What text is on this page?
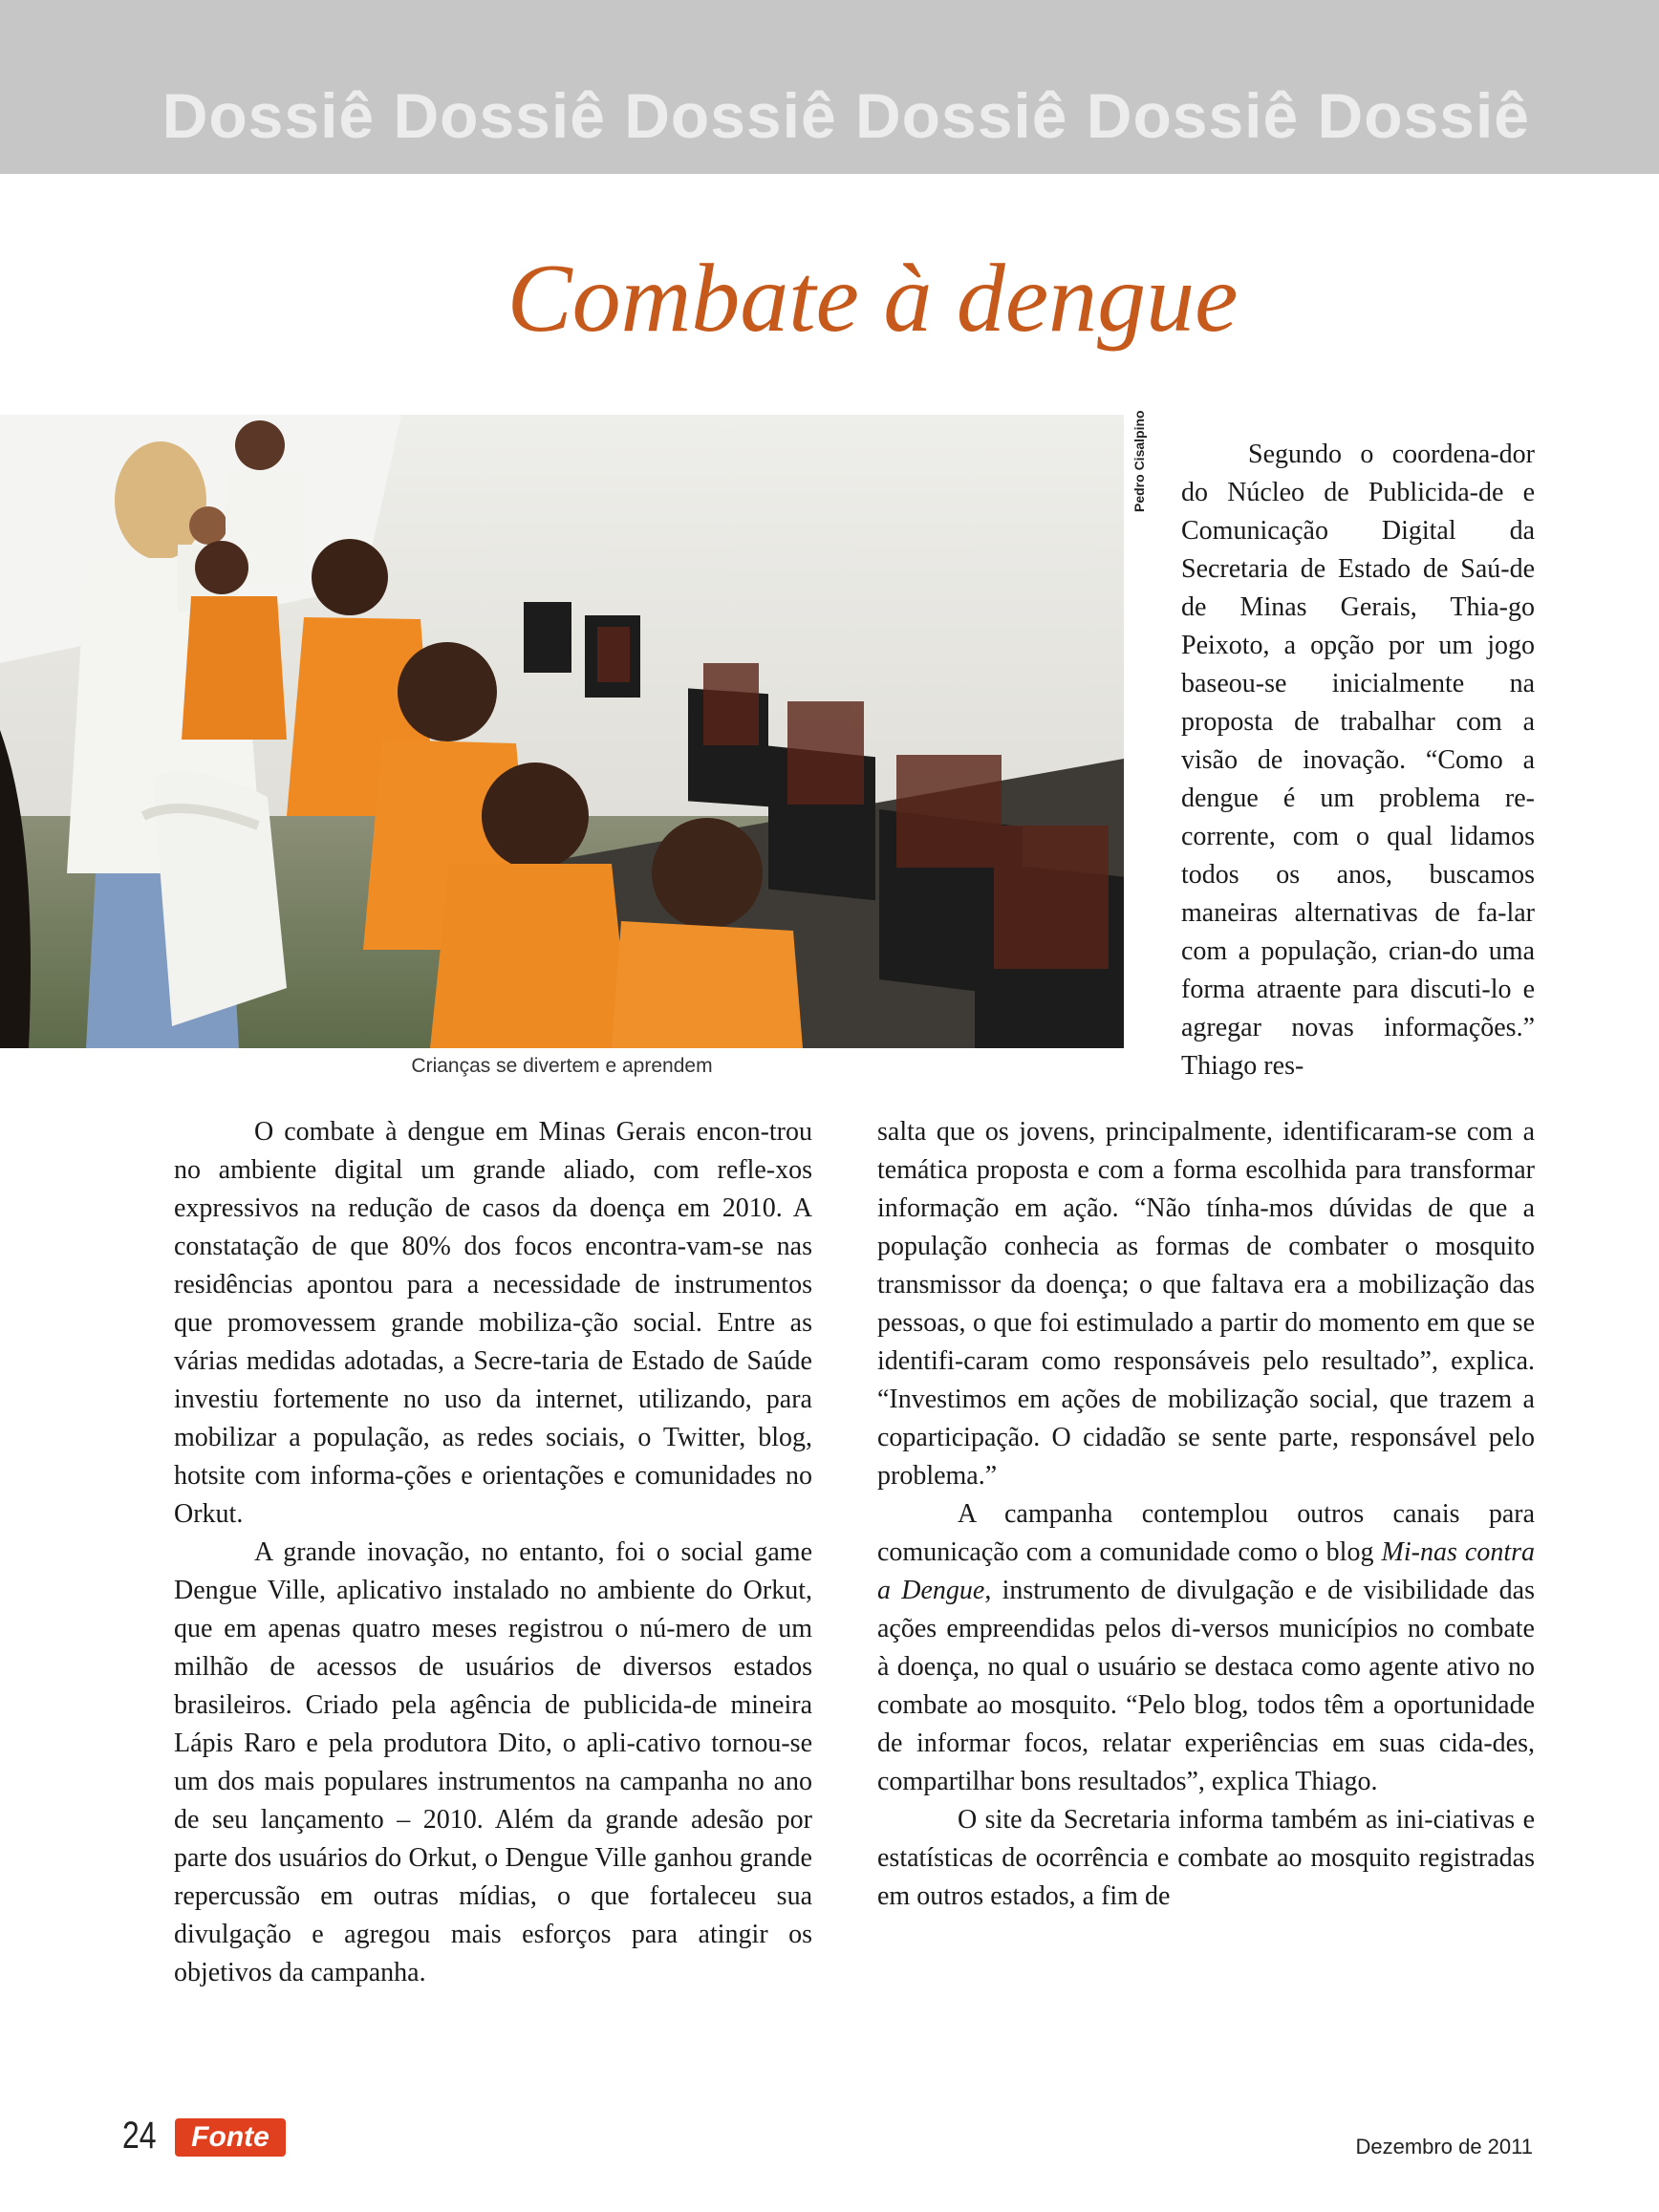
Dossiê Dossiê Dossiê Dossiê Dossiê Dossiê
Combate à dengue
Pedro Cisalpino
Crianças se divertem e aprendem

Segundo o coordena-dor do Núcleo de Publicida-de e Comunicação Digital da Secretaria de Estado de Saú-de de Minas Gerais, Thia-go Peixoto, a opção por um jogo baseou-se inicialmente na proposta de trabalhar com a visão de inovação. “Como a dengue é um problema re-corrente, com o qual lidamos todos os anos, buscamos maneiras alternativas de fa-lar com a população, crian-do uma forma atraente para discuti-lo e agregar novas informações.” Thiago res-

O combate à dengue em Minas Gerais encon-trou no ambiente digital um grande aliado, com refle-xos expressivos na redução de casos da doença em 2010. A constatação de que 80% dos focos encontra-vam-se nas residências apontou para a necessidade de instrumentos que promovessem grande mobiliza-ção social. Entre as várias medidas adotadas, a Secre-taria de Estado de Saúde investiu fortemente no uso da internet, utilizando, para mobilizar a população, as redes sociais, o Twitter, blog, hotsite com informa-ções e orientações e comunidades no Orkut.

A grande inovação, no entanto, foi o social game Dengue Ville, aplicativo instalado no ambiente do Orkut, que em apenas quatro meses registrou o nú-mero de um milhão de acessos de usuários de diversos estados brasileiros. Criado pela agência de publicida-de mineira Lápis Raro e pela produtora Dito, o apli-cativo tornou-se um dos mais populares instrumentos na campanha no ano de seu lançamento – 2010. Além da grande adesão por parte dos usuários do Orkut, o Dengue Ville ganhou grande repercussão em outras mídias, o que fortaleceu sua divulgação e agregou mais esforços para atingir os objetivos da campanha.

salta que os jovens, principalmente, identificaram-se com a temática proposta e com a forma escolhida para transformar informação em ação. “Não tínha-mos dúvidas de que a população conhecia as formas de combater o mosquito transmissor da doença; o que faltava era a mobilização das pessoas, o que foi estimulado a partir do momento em que se identifi-caram como responsáveis pelo resultado”, explica. “Investimos em ações de mobilização social, que trazem a coparticipação. O cidadão se sente parte, responsável pelo problema.”

A campanha contemplou outros canais para comunicação com a comunidade como o blog Mi-nas contra a Dengue, instrumento de divulgação e de visibilidade das ações empreendidas pelos di-versos municípios no combate à doença, no qual o usuário se destaca como agente ativo no combate ao mosquito. “Pelo blog, todos têm a oportunidade de informar focos, relatar experiências em suas cida-des, compartilhar bons resultados”, explica Thiago.

O site da Secretaria informa também as ini-ciativas e estatísticas de ocorrência e combate ao mosquito registradas em outros estados, a fim de

24	Fonte	Dezembro de 2011
